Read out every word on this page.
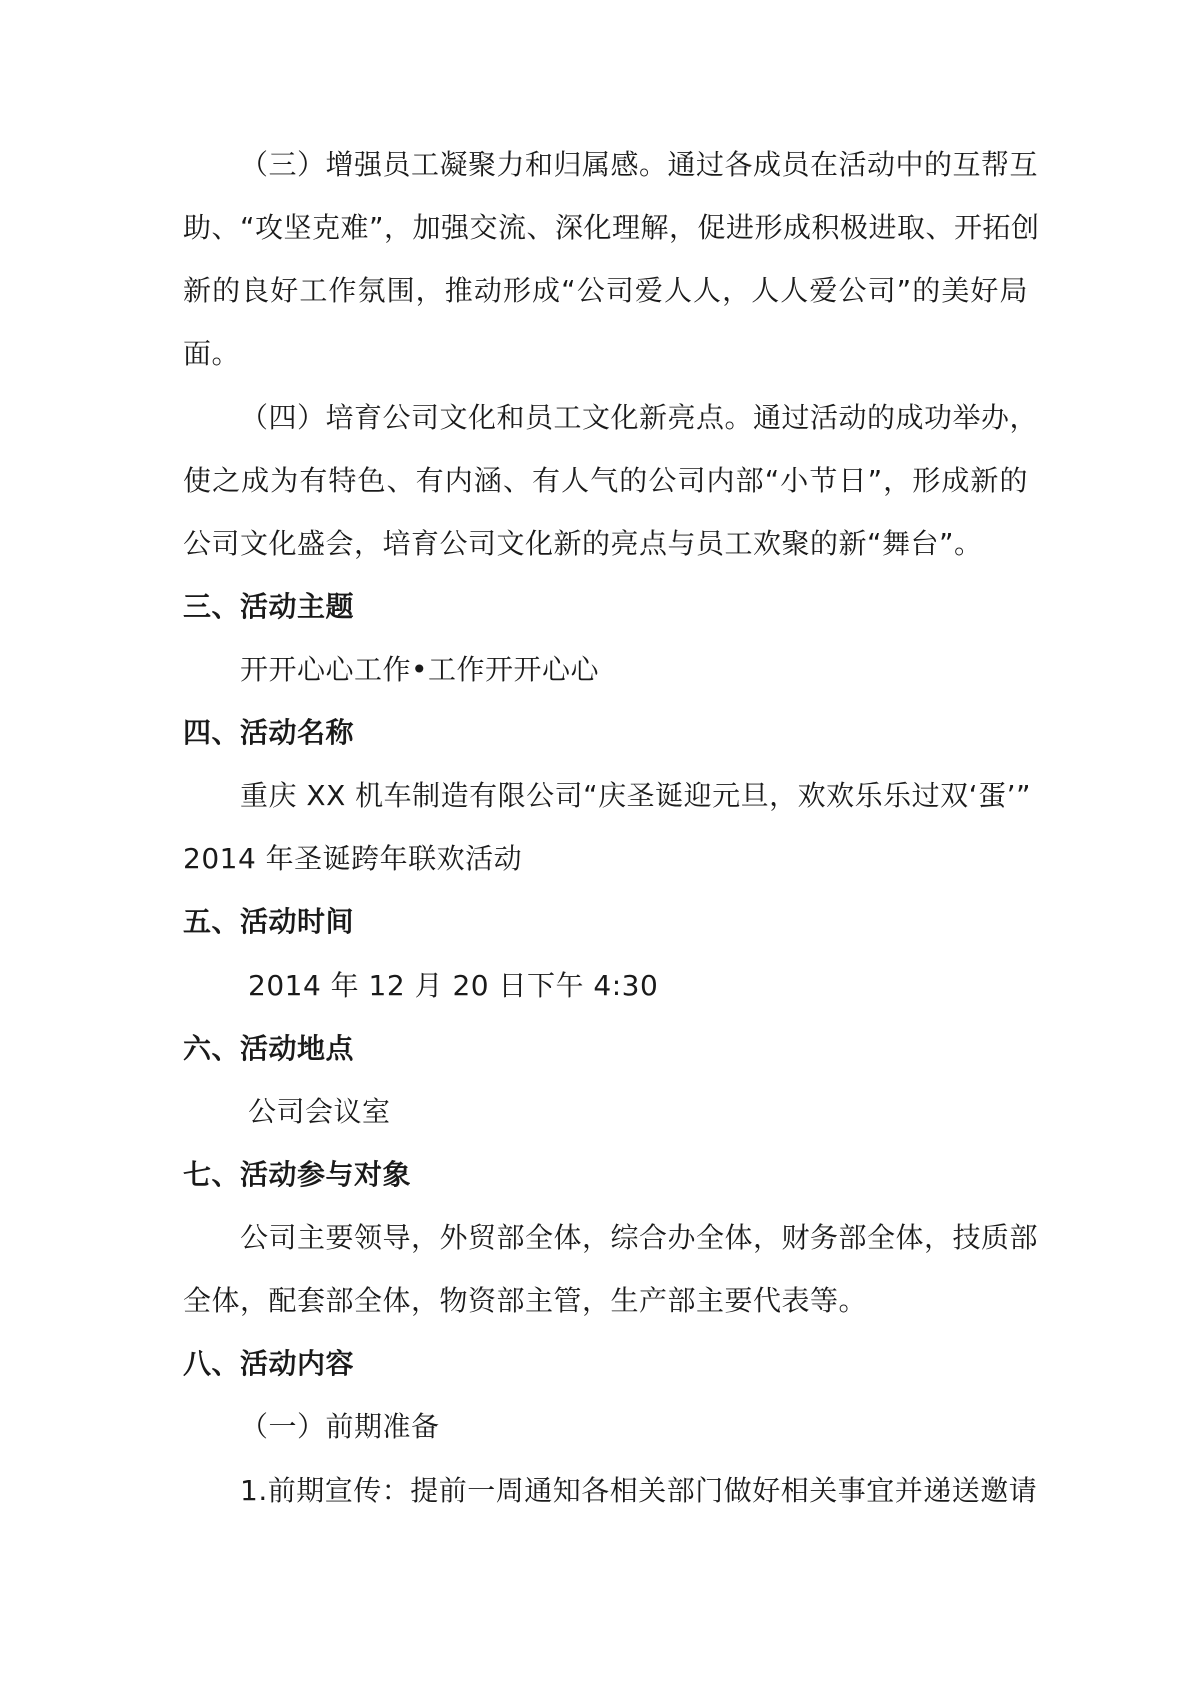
（三）增强员工凝聚力和归属感。通过各成员在活动中的互帮互
助、“攻坚克难”，加强交流、深化理解，促进形成积极进取、开拓创
新的良好工作氛围，推动形成“公司爱人人，人人爱公司”的美好局
面。
（四）培育公司文化和员工文化新亮点。通过活动的成功举办，
使之成为有特色、有内涵、有人气的公司内部“小节日”，形成新的
公司文化盛会，培育公司文化新的亮点与员工欢聚的新“舞台”。
三、活动主题
开开心心工作•工作开开心心
四、活动名称
重庆 XX 机车制造有限公司“庆圣诞迎元旦，欢欢乐乐过双‘蛋’”
2014 年圣诞跨年联欢活动
五、活动时间
2014 年 12 月 20 日下午 4:30
六、活动地点
公司会议室
七、活动参与对象
公司主要领导，外贸部全体，综合办全体，财务部全体，技质部
全体，配套部全体，物资部主管，生产部主要代表等。
八、活动内容
（一）前期准备
1.前期宣传：提前一周通知各相关部门做好相关事宜并递送邀请
